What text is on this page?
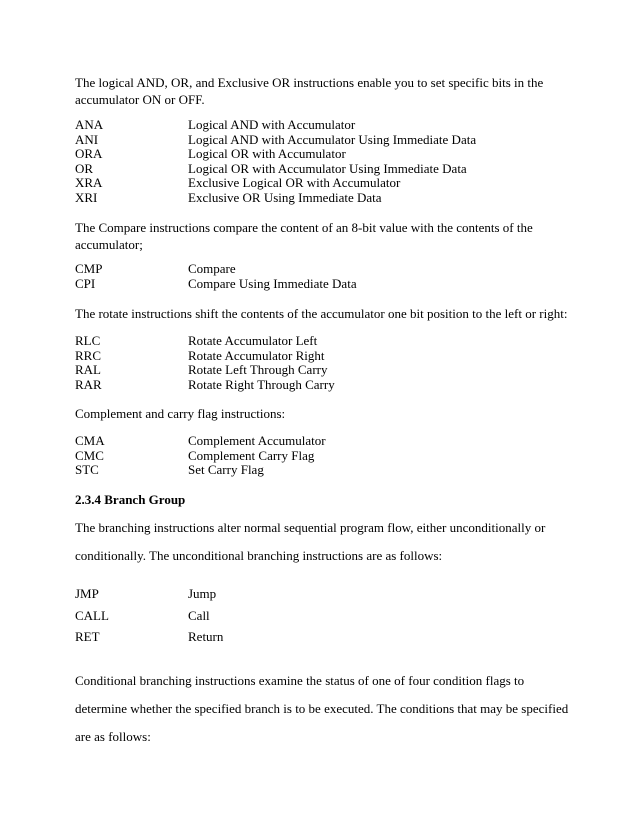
The logical AND, OR, and Exclusive OR instructions enable you to set specific bits in the accumulator ON or OFF.

ANA	Logical AND with Accumulator
ANI	Logical AND with Accumulator Using Immediate Data
ORA	Logical OR with Accumulator
OR	Logical OR with Accumulator Using Immediate Data
XRA	Exclusive Logical OR with Accumulator
XRI	Exclusive OR Using Immediate Data

The Compare instructions compare the content of an 8-bit value with the contents of the accumulator;

CMP	Compare
CPI	Compare Using Immediate Data

The rotate instructions shift the contents of the accumulator one bit position to the left or right:

RLC	Rotate Accumulator Left
RRC	Rotate Accumulator Right
RAL	Rotate Left Through Carry
RAR	Rotate Right Through Carry

Complement and carry flag instructions:

CMA	Complement Accumulator
CMC	Complement Carry Flag
STC	Set Carry Flag
2.3.4 Branch Group

The branching instructions alter normal sequential program flow, either unconditionally or conditionally. The unconditional branching instructions are as follows:

JMP	Jump
CALL	Call
RET	Return

Conditional branching instructions examine the status of one of four condition flags to determine whether the specified branch is to be executed. The conditions that may be specified are as follows:
